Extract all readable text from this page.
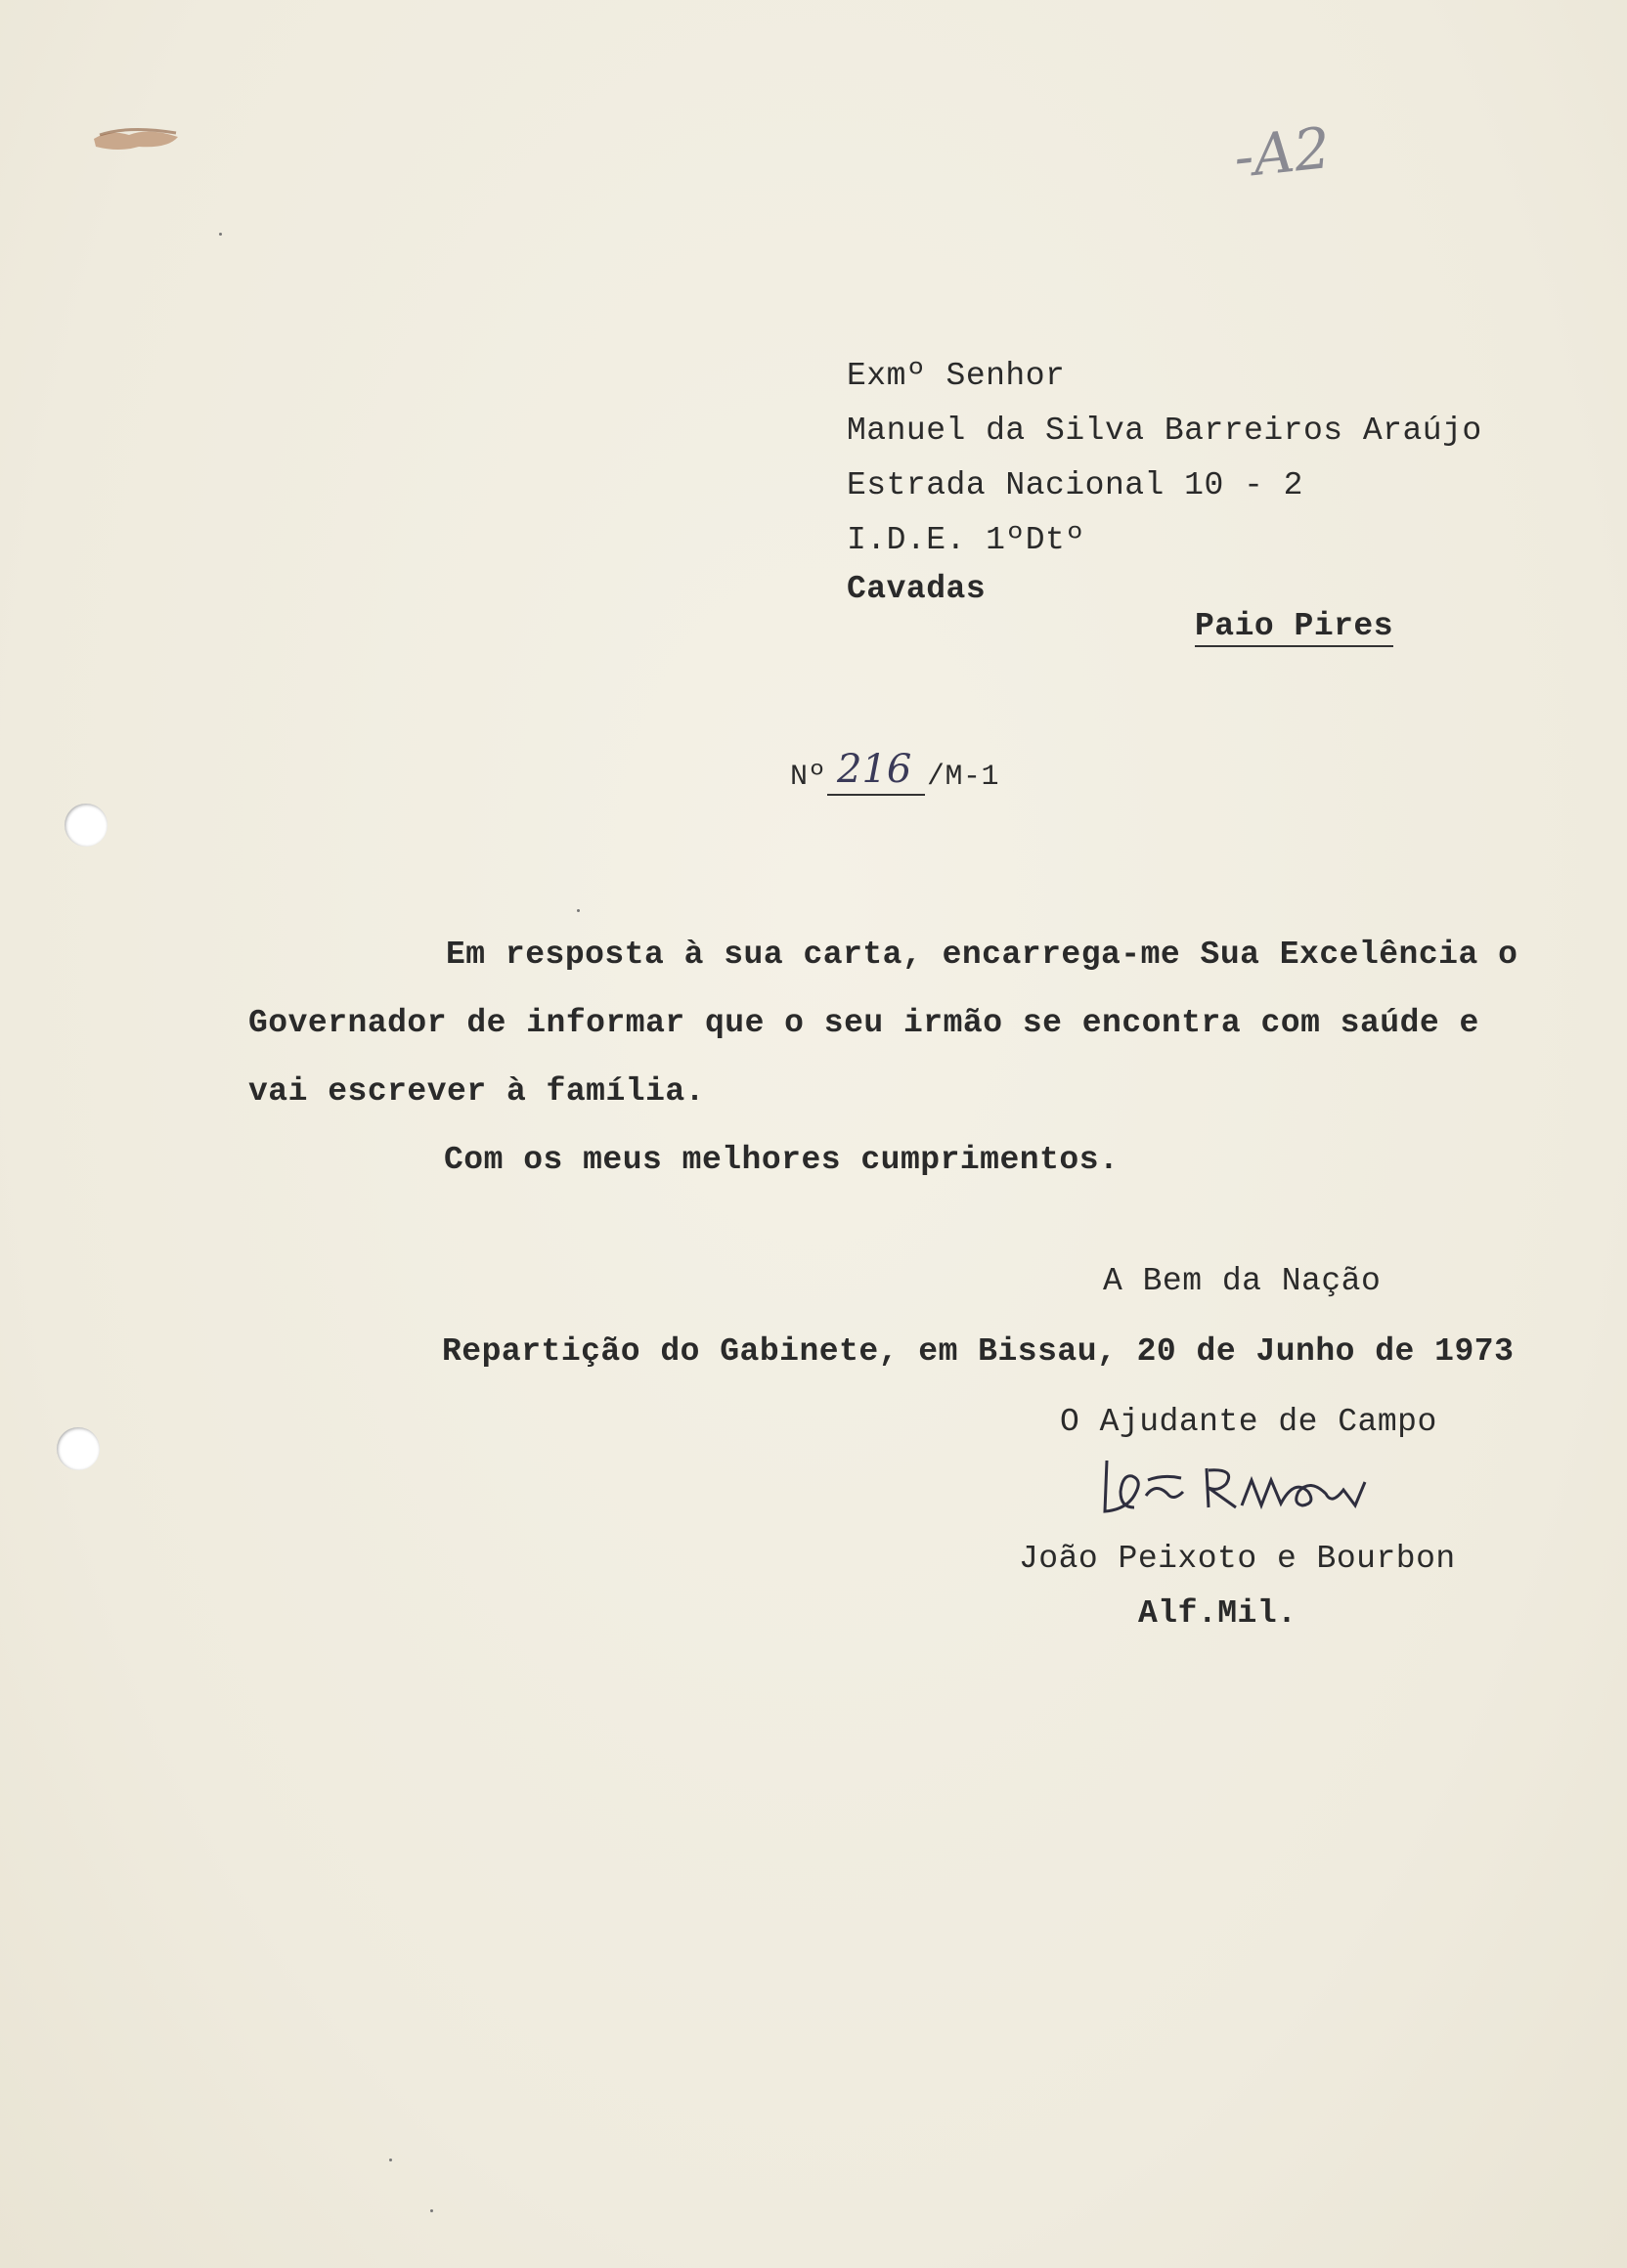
-A2
Exmº Senhor
Manuel da Silva Barreiros Araújo
Estrada Nacional 10 - 2
I.D.E. 1ºDtº
Cavadas
Paio Pires
Nº 216 /M-1
Em resposta à sua carta, encarrega-me Sua Excelência o
Governador de informar que o seu irmão se encontra com saúde e
vai escrever à família.
Com os meus melhores cumprimentos.
A Bem da Nação
Repartição do Gabinete, em Bissau, 20 de Junho de 1973
O Ajudante de Campo
João Peixoto e Bourbon
Alf.Mil.
